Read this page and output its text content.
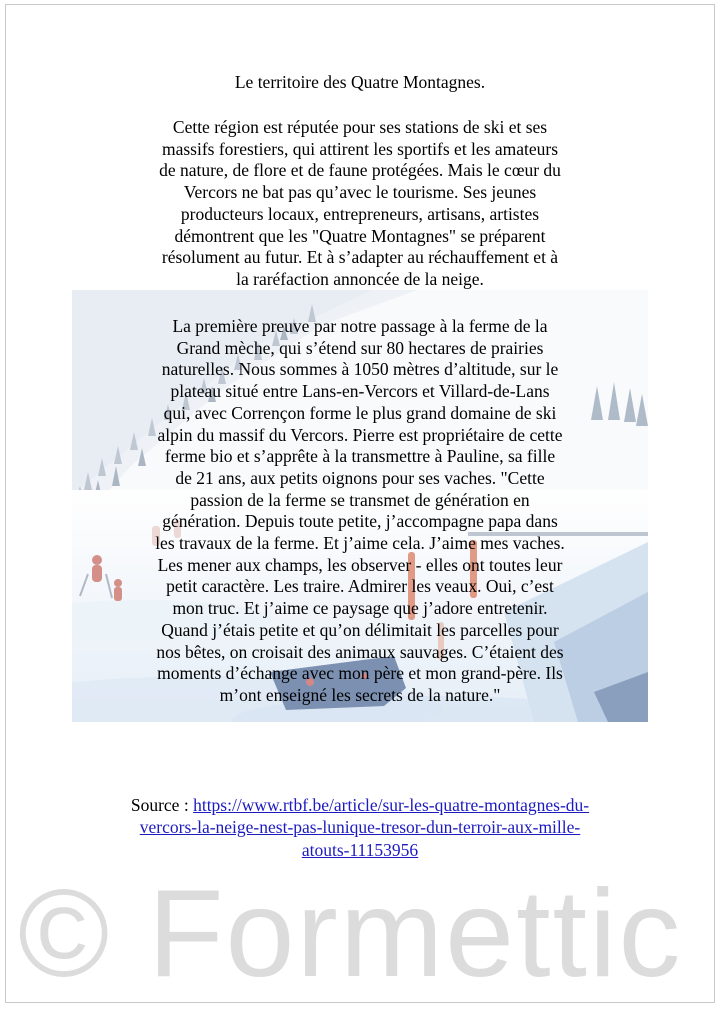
Le territoire des Quatre Montagnes.
Cette région est réputée pour ses stations de ski et ses
massifs forestiers, qui attirent les sportifs et les amateurs
de nature, de flore et de faune protégées. Mais le cœur du
Vercors ne bat pas qu’avec le tourisme. Ses jeunes
producteurs locaux, entrepreneurs, artisans, artistes
démontrent que les "Quatre Montagnes" se préparent
résolument au futur. Et à s’adapter au réchauffement et à
la raréfaction annoncée de la neige.
La première preuve par notre passage à la ferme de la
Grand mèche, qui s’étend sur 80 hectares de prairies
naturelles. Nous sommes à 1050 mètres d’altitude, sur le
plateau situé entre Lans-en-Vercors et Villard-de-Lans
qui, avec Corrençon forme le plus grand domaine de ski
alpin du massif du Vercors. Pierre est propriétaire de cette
ferme bio et s’apprête à la transmettre à Pauline, sa fille
de 21 ans, aux petits oignons pour ses vaches. "Cette
passion de la ferme se transmet de génération en
génération. Depuis toute petite, j’accompagne papa dans
les travaux de la ferme. Et j’aime cela. J’aime mes vaches.
Les mener aux champs, les observer - elles ont toutes leur
petit caractère. Les traire. Admirer les veaux. Oui, c’est
mon truc. Et j’aime ce paysage que j’adore entretenir.
Quand j’étais petite et qu’on délimitait les parcelles pour
nos bêtes, on croisait des animaux sauvages. C’étaient des
moments d’échange avec mon père et mon grand-père. Ils
m’ont enseigné les secrets de la nature."
Source : https://www.rtbf.be/article/sur-les-quatre-montagnes-du-vercors-la-neige-nest-pas-lunique-tresor-dun-terroir-aux-mille-atouts-11153956
© Formettic
